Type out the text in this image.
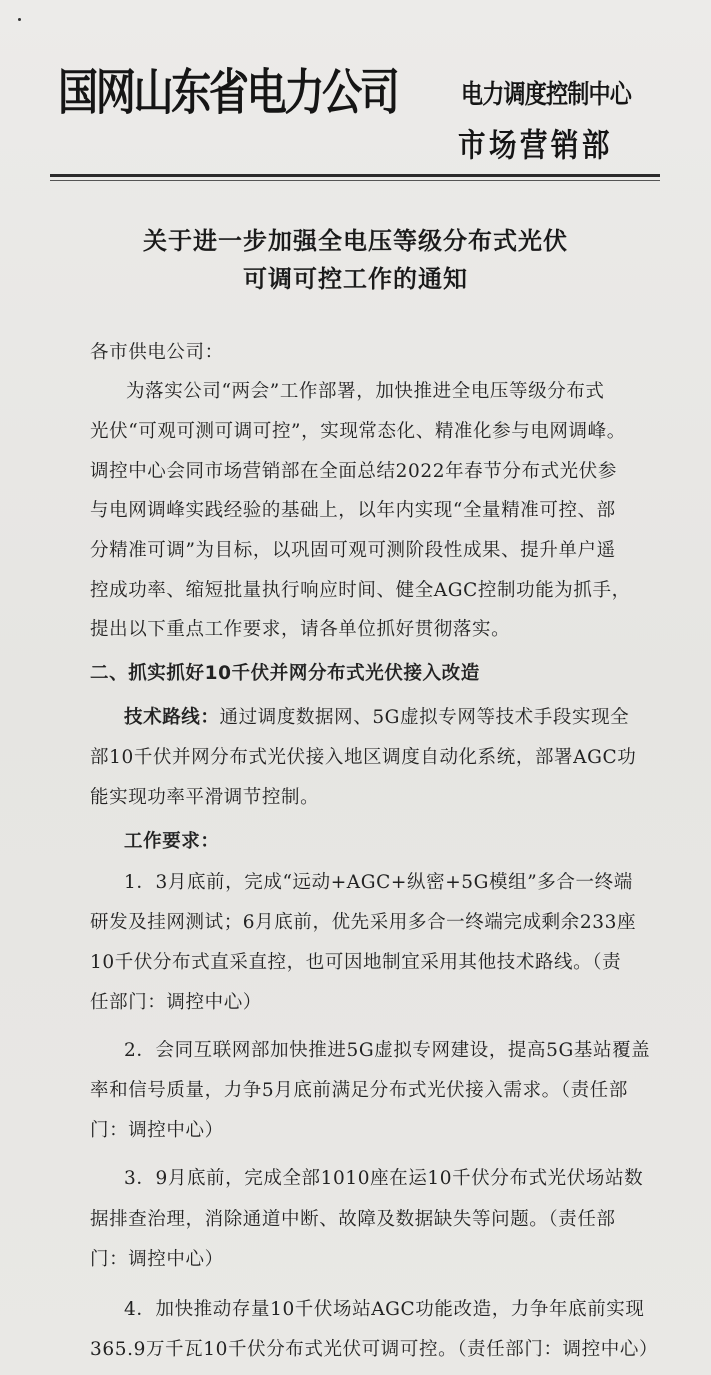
国网山东省电力公司 电力调度控制中心
市场营销部
关于进一步加强全电压等级分布式光伏
可调可控工作的通知
各市供电公司：
为落实公司“两会”工作部署，加快推进全电压等级分布式
光伏“可观可测可调可控”，实现常态化、精准化参与电网调峰。
调控中心会同市场营销部在全面总结2022年春节分布式光伏参
与电网调峰实践经验的基础上，以年内实现“全量精准可控、部
分精准可调”为目标，以巩固可观可测阶段性成果、提升单户遥
控成功率、缩短批量执行响应时间、健全AGC控制功能为抓手，
提出以下重点工作要求，请各单位抓好贯彻落实。
二、抓实抓好10千伏并网分布式光伏接入改造
技术路线：通过调度数据网、5G虚拟专网等技术手段实现全
部10千伏并网分布式光伏接入地区调度自动化系统，部署AGC功
能实现功率平滑调节控制。
工作要求：
1．3月底前，完成“远动+AGC+纵密+5G模组”多合一终端
研发及挂网测试；6月底前，优先采用多合一终端完成剩余233座
10千伏分布式直采直控，也可因地制宜采用其他技术路线。（责
任部门：调控中心）
2．会同互联网部加快推进5G虚拟专网建设，提高5G基站覆盖
率和信号质量，力争5月底前满足分布式光伏接入需求。（责任部
门：调控中心）
3．9月底前，完成全部1010座在运10千伏分布式光伏场站数
据排查治理，消除通道中断、故障及数据缺失等问题。（责任部
门：调控中心）
4．加快推动存量10千伏场站AGC功能改造，力争年底前实现
365.9万千瓦10千伏分布式光伏可调可控。（责任部门：调控中心）
